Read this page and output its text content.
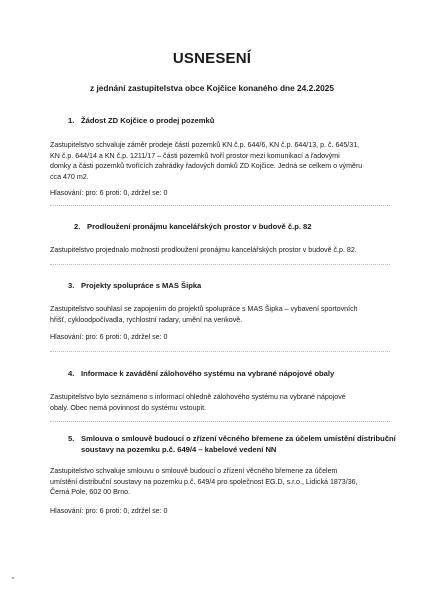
USNESENÍ
z jednání zastupitelstva obce Kojčice konaného dne 24.2.2025
1. Žádost ZD Kojčice o prodej pozemků
Zastupitelstvo schvaluje záměr prodeje částí pozemků KN č.p. 644/6, KN č.p. 644/13, p. č. 645/31,
KN č.p. 644/14 a KN č.p. 1211/17 – části pozemků tvoří prostor mezi komunikací a řadovými
domky a části pozemků tvořících zahrádky řadových domků ZD Kojčice. Jedná se celkem o výměru
cca 470 m2.
Hlasování: pro: 6 proti: 0, zdržel se: 0
2. Prodloužení pronájmu kancelářských prostor v budově č.p. 82
Zastupitelstvo projednalo možnosti prodloužení pronájmu kancelářských prostor v budově č.p. 82.
3. Projekty spolupráce s MAS Šipka
Zastupitelstvo souhlasí se zapojením do projektů spolupráce s MAS Šipka – vybavení sportovních
hřišť, cykloodpočívadla, rychlostní radary, umění na venkově.
Hlasování: pro: 6 proti: 0, zdržel se: 0
4. Informace k zavádění zálohového systému na vybrané nápojové obaly
Zastupitelstvo bylo seznámeno s informací ohledně zálohového systému na vybrané nápojové
obaly. Obec nemá povinnost do systému vstoupit.
5. Smlouva o smlouvě budoucí o zřízení věcného břemene za účelem umístění distribuční
soustavy na pozemku p.č. 649/4 – kabelové vedení NN
Zastupitelstvo schvaluje smlouvu o smlouvě budoucí o zřízení věcného břemene za účelem
umístění distribuční soustavy na pozemku p.č. 649/4 pro společnost EG.D, s.r.o., Lidická 1873/36,
Černá Pole, 602 00 Brno.
Hlasování: pro: 6 proti: 0, zdržel se: 0
